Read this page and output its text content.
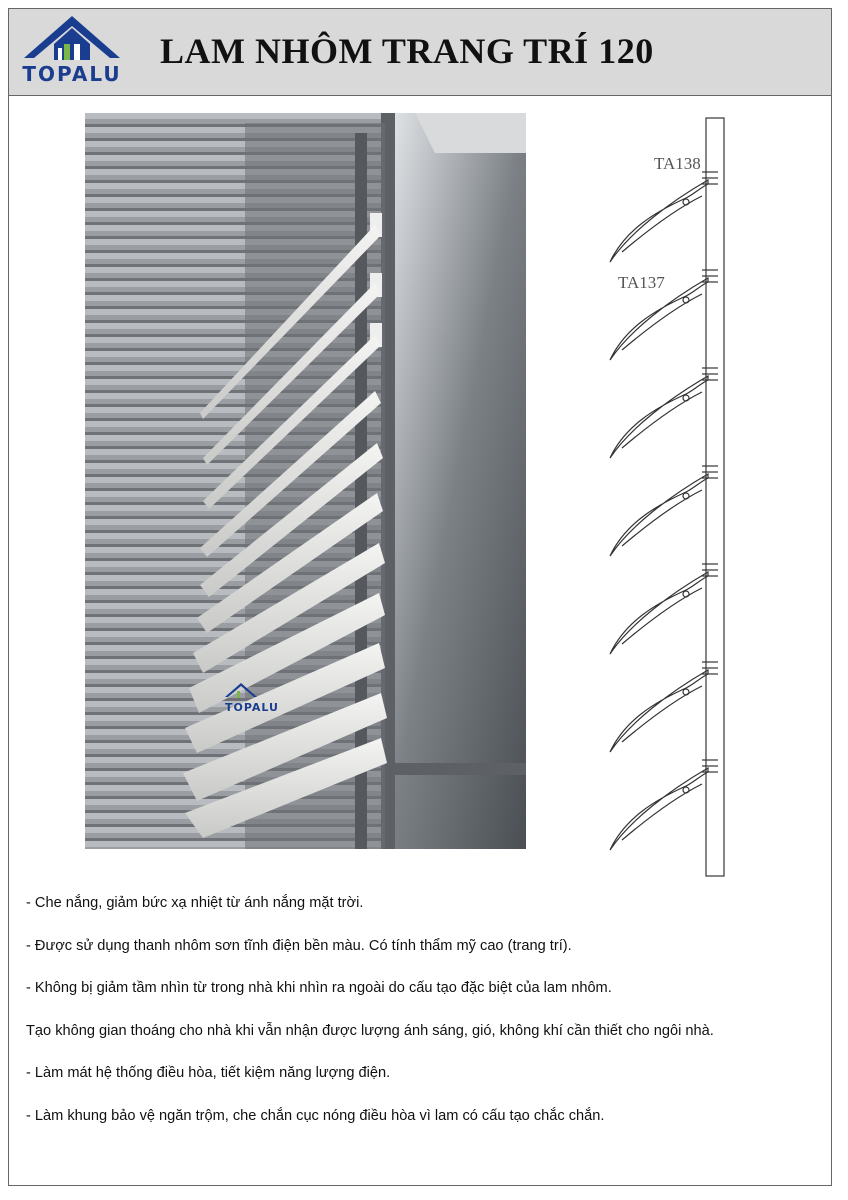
TOPALU
LAM NHÔM TRANG TRÍ 120
TOPALU
TA138
TA137

- Che nắng, giảm bức xạ nhiệt từ ánh nắng mặt trời.

- Được sử dụng thanh nhôm sơn tĩnh điện bền màu. Có tính thẩm mỹ cao (trang trí).

- Không bị giảm tầm nhìn từ trong nhà khi nhìn ra ngoài do cấu tạo đặc biệt của lam nhôm.

Tạo không gian thoáng cho nhà khi vẫn nhận được lượng ánh sáng, gió, không khí cần thiết cho ngôi nhà.

- Làm mát hệ thống điều hòa, tiết kiệm năng lượng điện.

- Làm khung bảo vệ ngăn trộm, che chắn cục nóng điều hòa vì lam có cấu tạo chắc chắn.
